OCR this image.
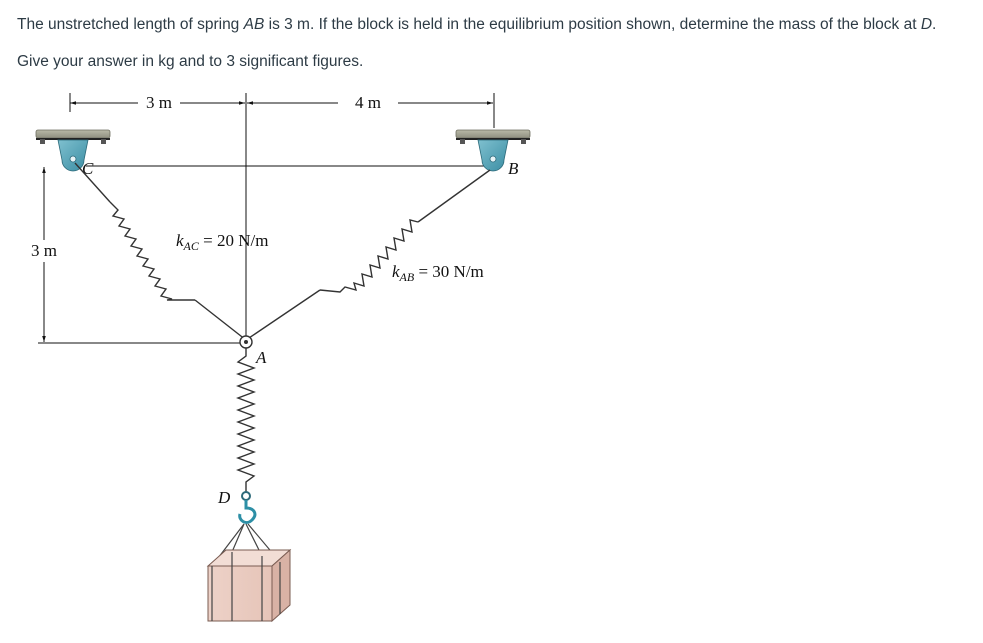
The unstretched length of spring AB is 3 m. If the block is held in the equilibrium position shown, determine the mass of the block at D.
Give your answer in kg and to 3 significant figures.
3 m	4 m
3 m
C	B
A
D
$k_{AC} = 20$ N/m
$k_{AB} = 30$ N/m
